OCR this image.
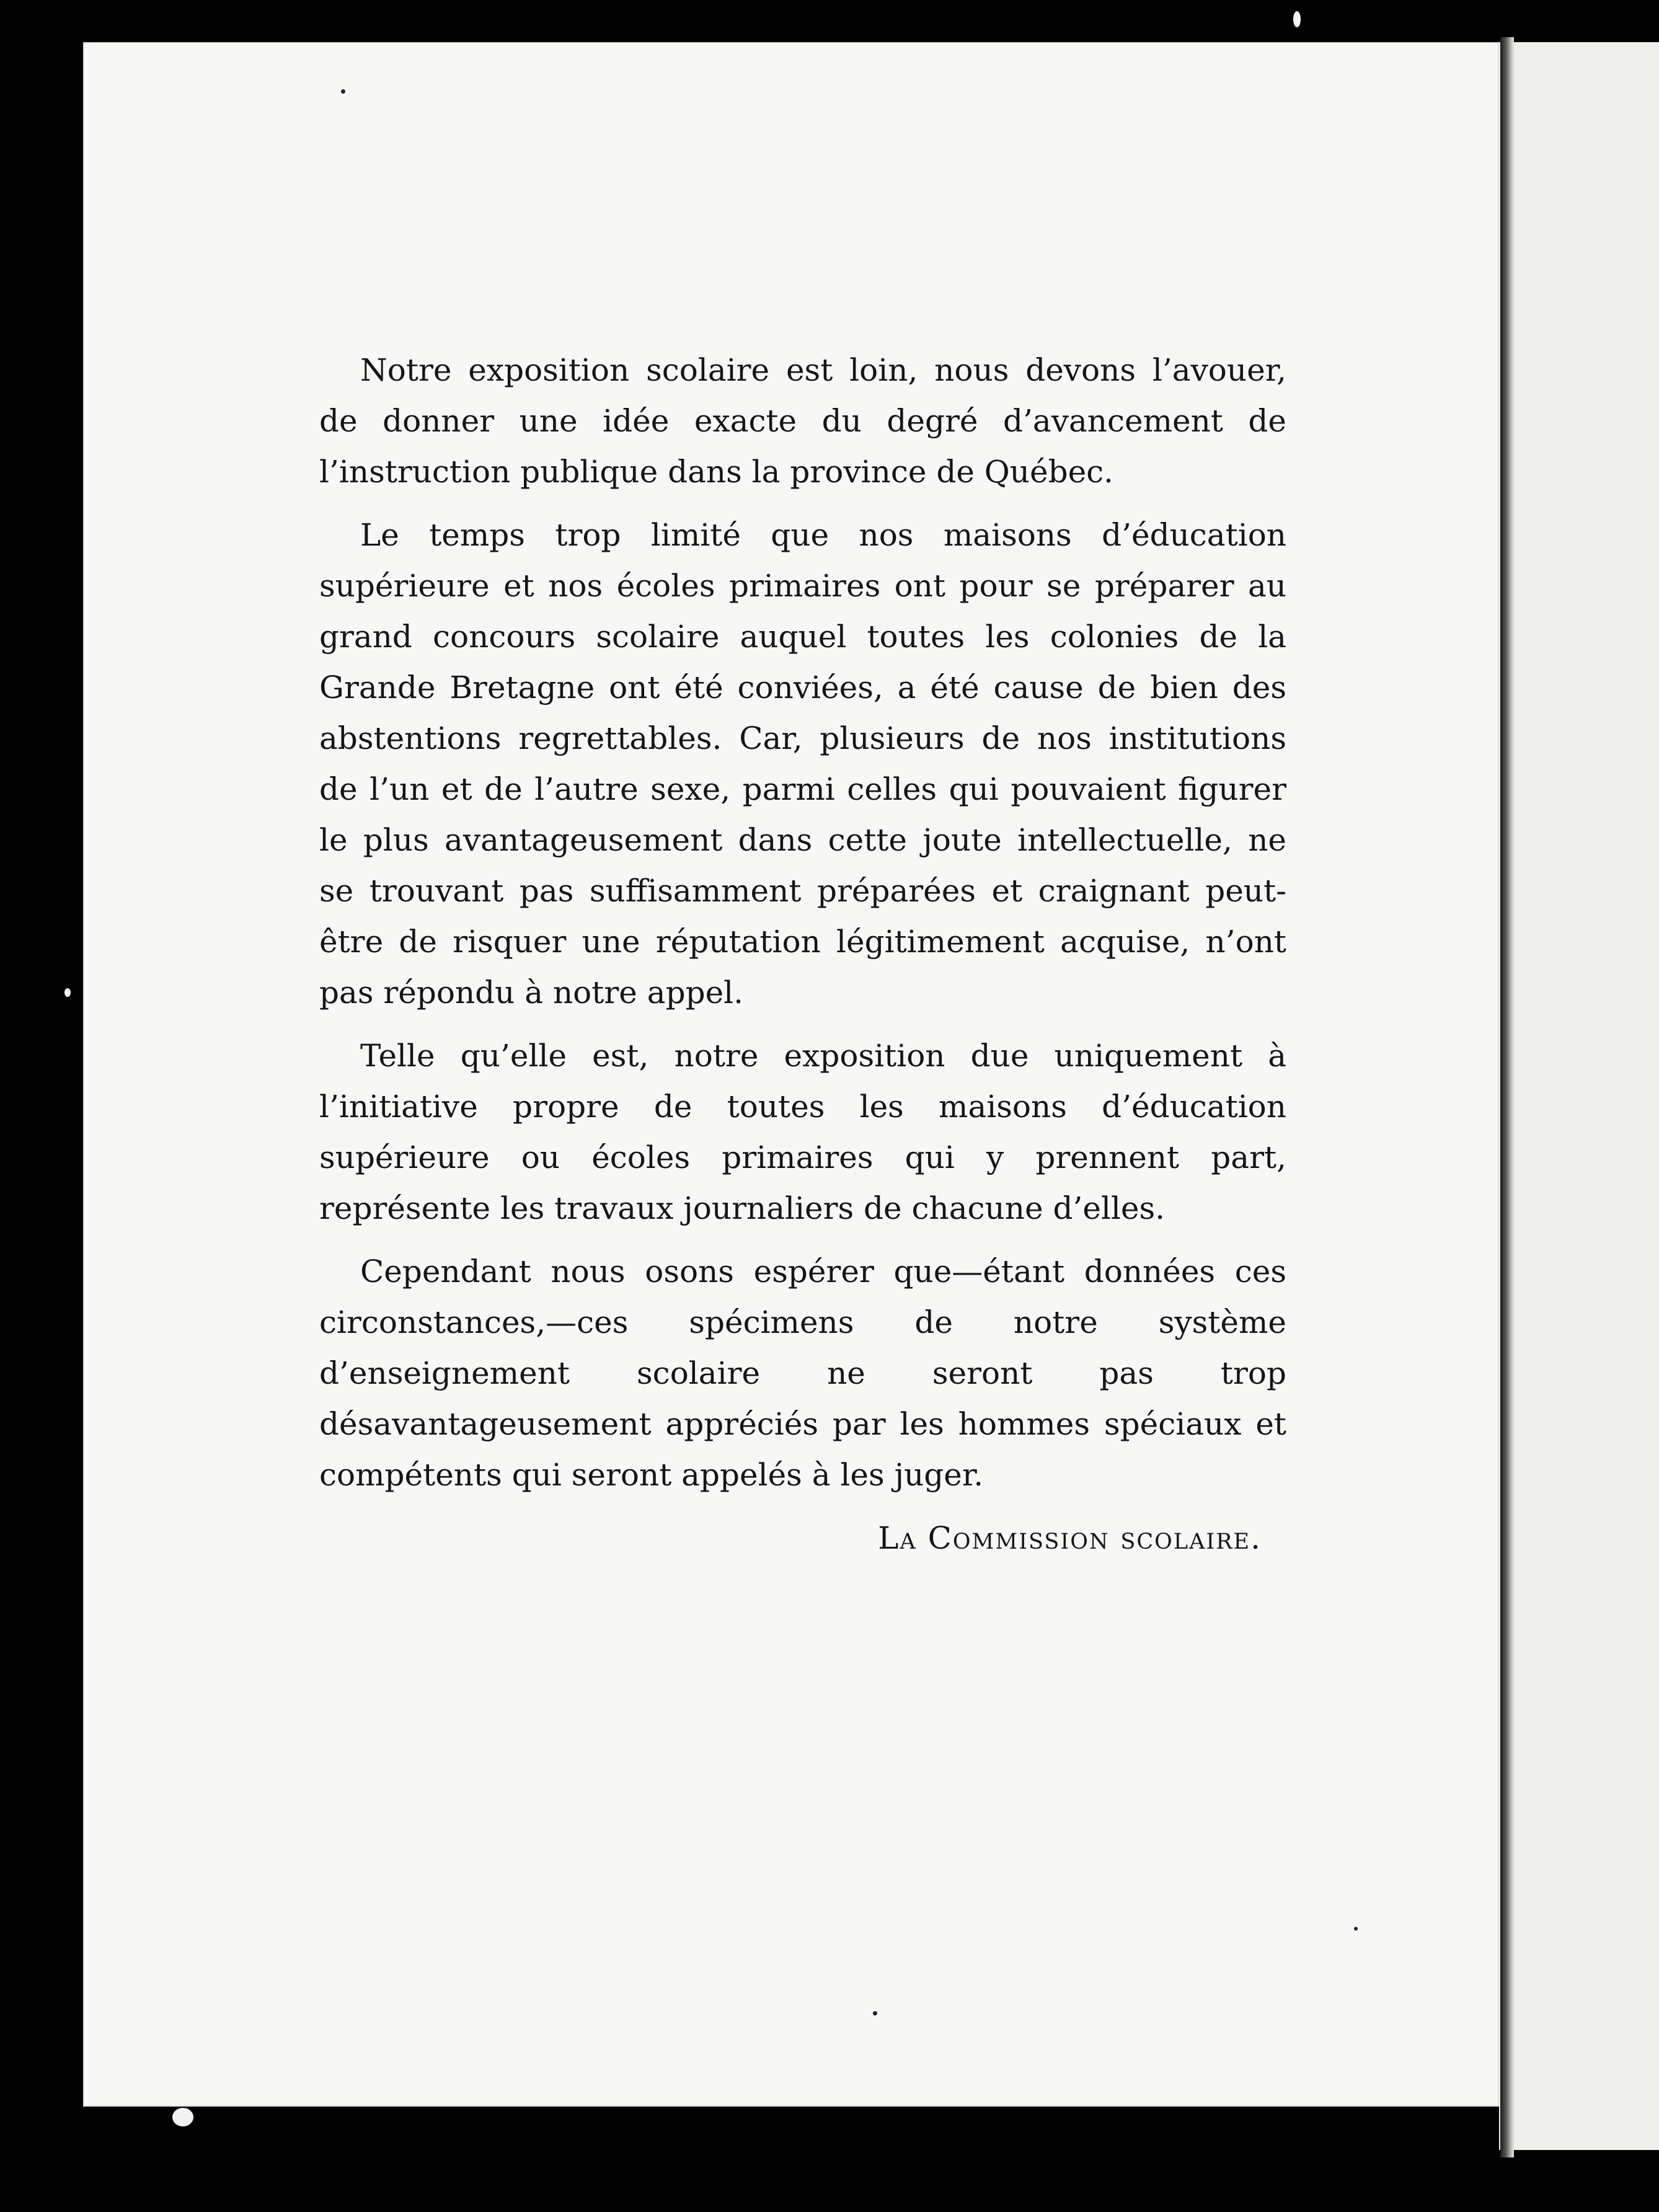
Notre exposition scolaire est loin, nous devons l’avouer, de donner une idée exacte du degré d’avancement de l’instruction publique dans la province de Québec.

Le temps trop limité que nos maisons d’éducation supérieure et nos écoles primaires ont pour se préparer au grand concours scolaire auquel toutes les colonies de la Grande Bretagne ont été conviées, a été cause de bien des abstentions regrettables. Car, plusieurs de nos institutions de l’un et de l’autre sexe, parmi celles qui pouvaient figurer le plus avantageusement dans cette joute intellectuelle, ne se trouvant pas suffisamment préparées et craignant peut-être de risquer une réputation légitimement acquise, n’ont pas répondu à notre appel.

Telle qu’elle est, notre exposition due uniquement à l’initiative propre de toutes les maisons d’éducation supérieure ou écoles primaires qui y prennent part, représente les travaux journaliers de chacune d’elles.

Cependant nous osons espérer que—étant données ces circonstances,—ces spécimens de notre système d’enseignement scolaire ne seront pas trop désavantageusement appréciés par les hommes spéciaux et compétents qui seront appelés à les juger.

La Commission scolaire.
